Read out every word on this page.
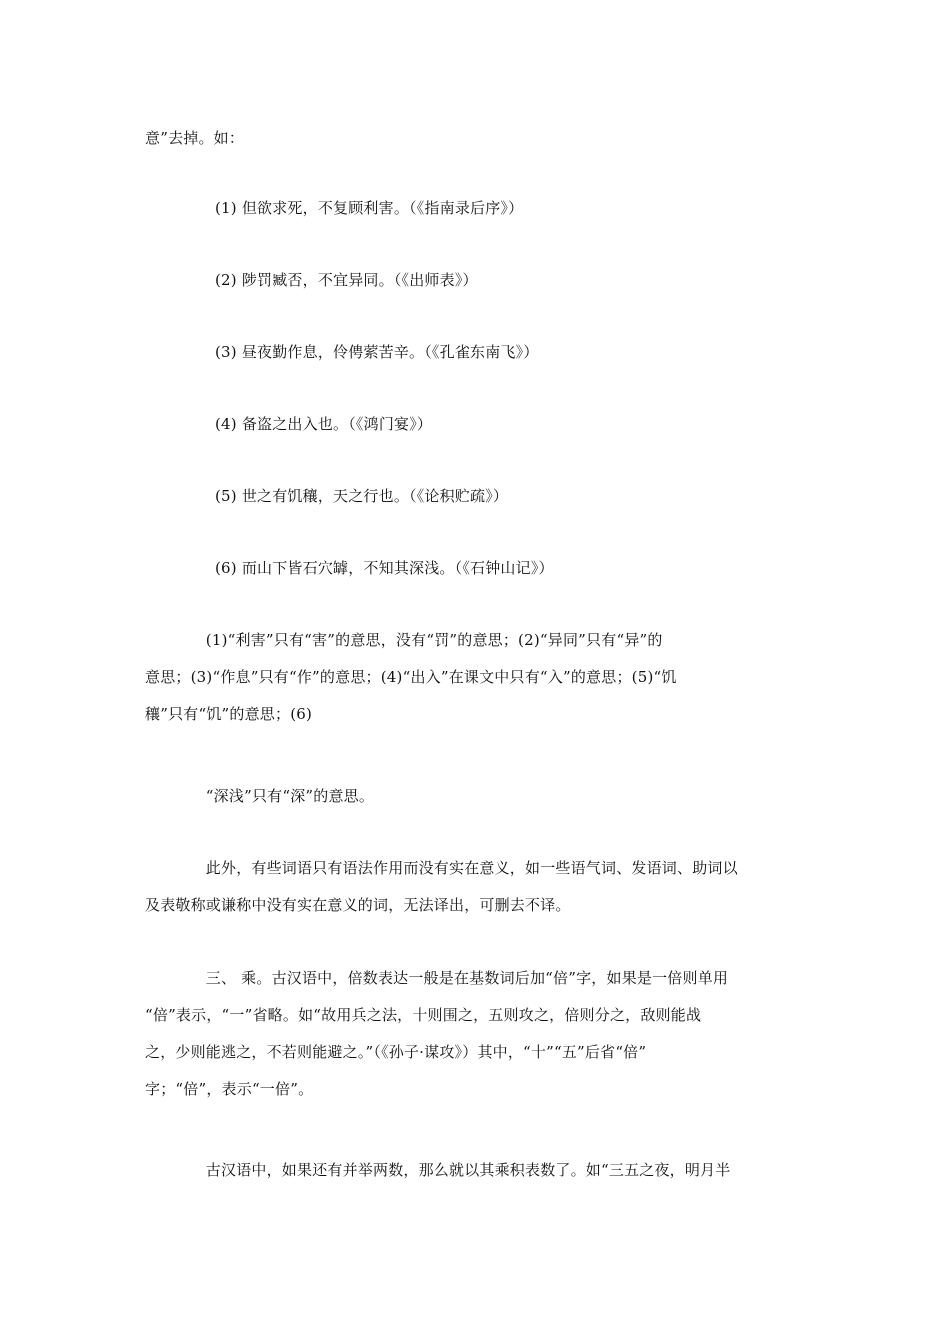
意”去掉。如：
(1) 但欲求死，不复顾利害。（《指南录后序》）
(2) 陟罚臧否，不宜异同。（《出师表》）
(3) 昼夜勤作息，伶俜萦苦辛。（《孔雀东南飞》）
(4) 备盗之出入也。（《鸿门宴》）
(5) 世之有饥穰，天之行也。（《论积贮疏》）
(6) 而山下皆石穴罅，不知其深浅。（《石钟山记》）
　　　　(1)“利害”只有“害”的意思，没有“罚”的意思；(2)“异同”只有“异”的
意思；(3)“作息”只有“作”的意思；(4)“出入”在课文中只有“入”的意思；(5)“饥
穰”只有“饥”的意思；(6)
　　　　“深浅”只有“深”的意思。
　　　　此外，有些词语只有语法作用而没有实在意义，如一些语气词、发语词、助词以
及表敬称或谦称中没有实在意义的词，无法译出，可删去不译。
　　　　三、 乘。古汉语中，倍数表达一般是在基数词后加“倍”字，如果是一倍则单用
“倍”表示，“一”省略。如“故用兵之法，十则围之，五则攻之，倍则分之，敌则能战
之，少则能逃之，不若则能避之。”（《孙子·谋攻》）其中，“十”“五”后省“倍”
字；“倍”，表示“一倍”。
　　　　古汉语中，如果还有并举两数，那么就以其乘积表数了。如“三五之夜，明月半
